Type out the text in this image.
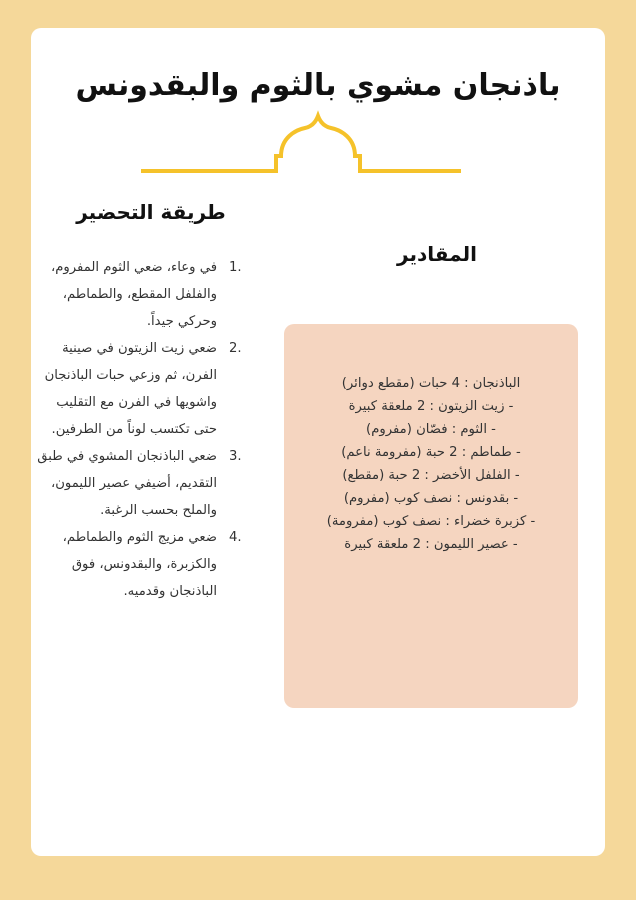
باذنجان مشوي بالثوم والبقدونس
طريقة التحضير
1.
في وعاء، ضعي الثوم المفروم، والفلفل المقطع، والطماطم، وحركي جيداً.
2.
ضعي زيت الزيتون في صينية الفرن، ثم وزعي حبات الباذنجان واشويها في الفرن مع التقليب حتى تكتسب لوناً من الطرفين.
3.
ضعي الباذنجان المشوي في طبق التقديم، أضيفي عصير الليمون، والملح بحسب الرغبة.
4.
ضعي مزيج الثوم والطماطم، والكزبرة، والبقدونس، فوق الباذنجان وقدميه.
المقادير
الباذنجان : 4 حبات (مقطع دوائر)
- زيت الزيتون : 2 ملعقة كبيرة
- الثوم : فصّان (مفروم)
- طماطم : 2 حبة (مفرومة ناعم)
- الفلفل الأخضر : 2 حبة (مقطع)
- بقدونس : نصف كوب (مفروم)
- كزبرة خضراء : نصف كوب (مفرومة)
- عصير الليمون : 2 ملعقة كبيرة
